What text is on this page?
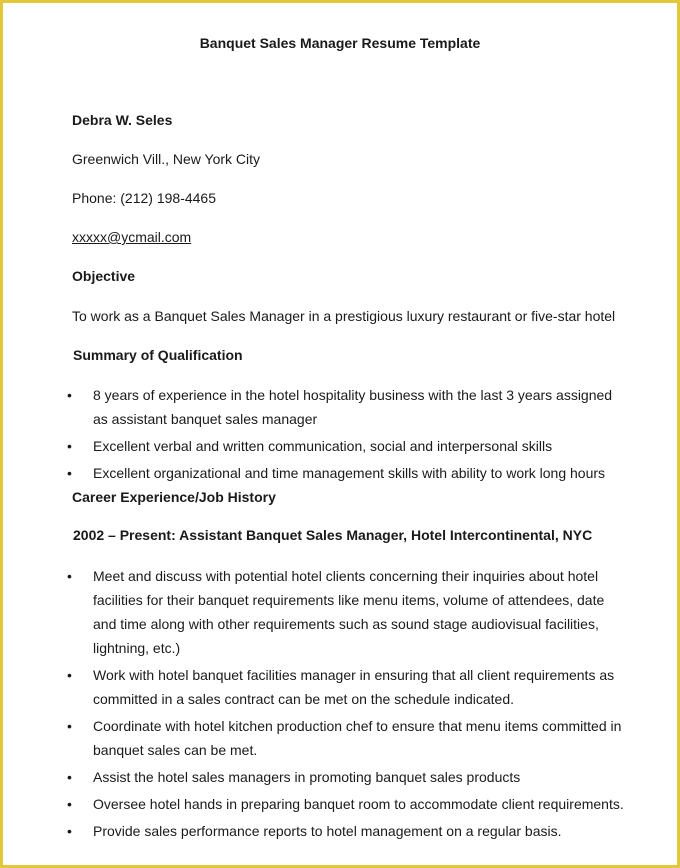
Banquet Sales Manager Resume Template
Debra W. Seles
Greenwich Vill., New York City
Phone: (212) 198-4465
xxxxx@ycmail.com
Objective
To work as a Banquet Sales Manager in a prestigious luxury restaurant or five-star hotel
Summary of Qualification
• 8 years of experience in the hotel hospitality business with the last 3 years assigned as assistant banquet sales manager
• Excellent verbal and written communication, social and interpersonal skills
• Excellent organizational and time management skills with ability to work long hours
Career Experience/Job History
2002 – Present: Assistant Banquet Sales Manager, Hotel Intercontinental, NYC
• Meet and discuss with potential hotel clients concerning their inquiries about hotel facilities for their banquet requirements like menu items, volume of attendees, date and time along with other requirements such as sound stage audiovisual facilities, lightning, etc.)
• Work with hotel banquet facilities manager in ensuring that all client requirements as committed in a sales contract can be met on the schedule indicated.
• Coordinate with hotel kitchen production chef to ensure that menu items committed in banquet sales can be met.
• Assist the hotel sales managers in promoting banquet sales products
• Oversee hotel hands in preparing banquet room to accommodate client requirements.
• Provide sales performance reports to hotel management on a regular basis.
